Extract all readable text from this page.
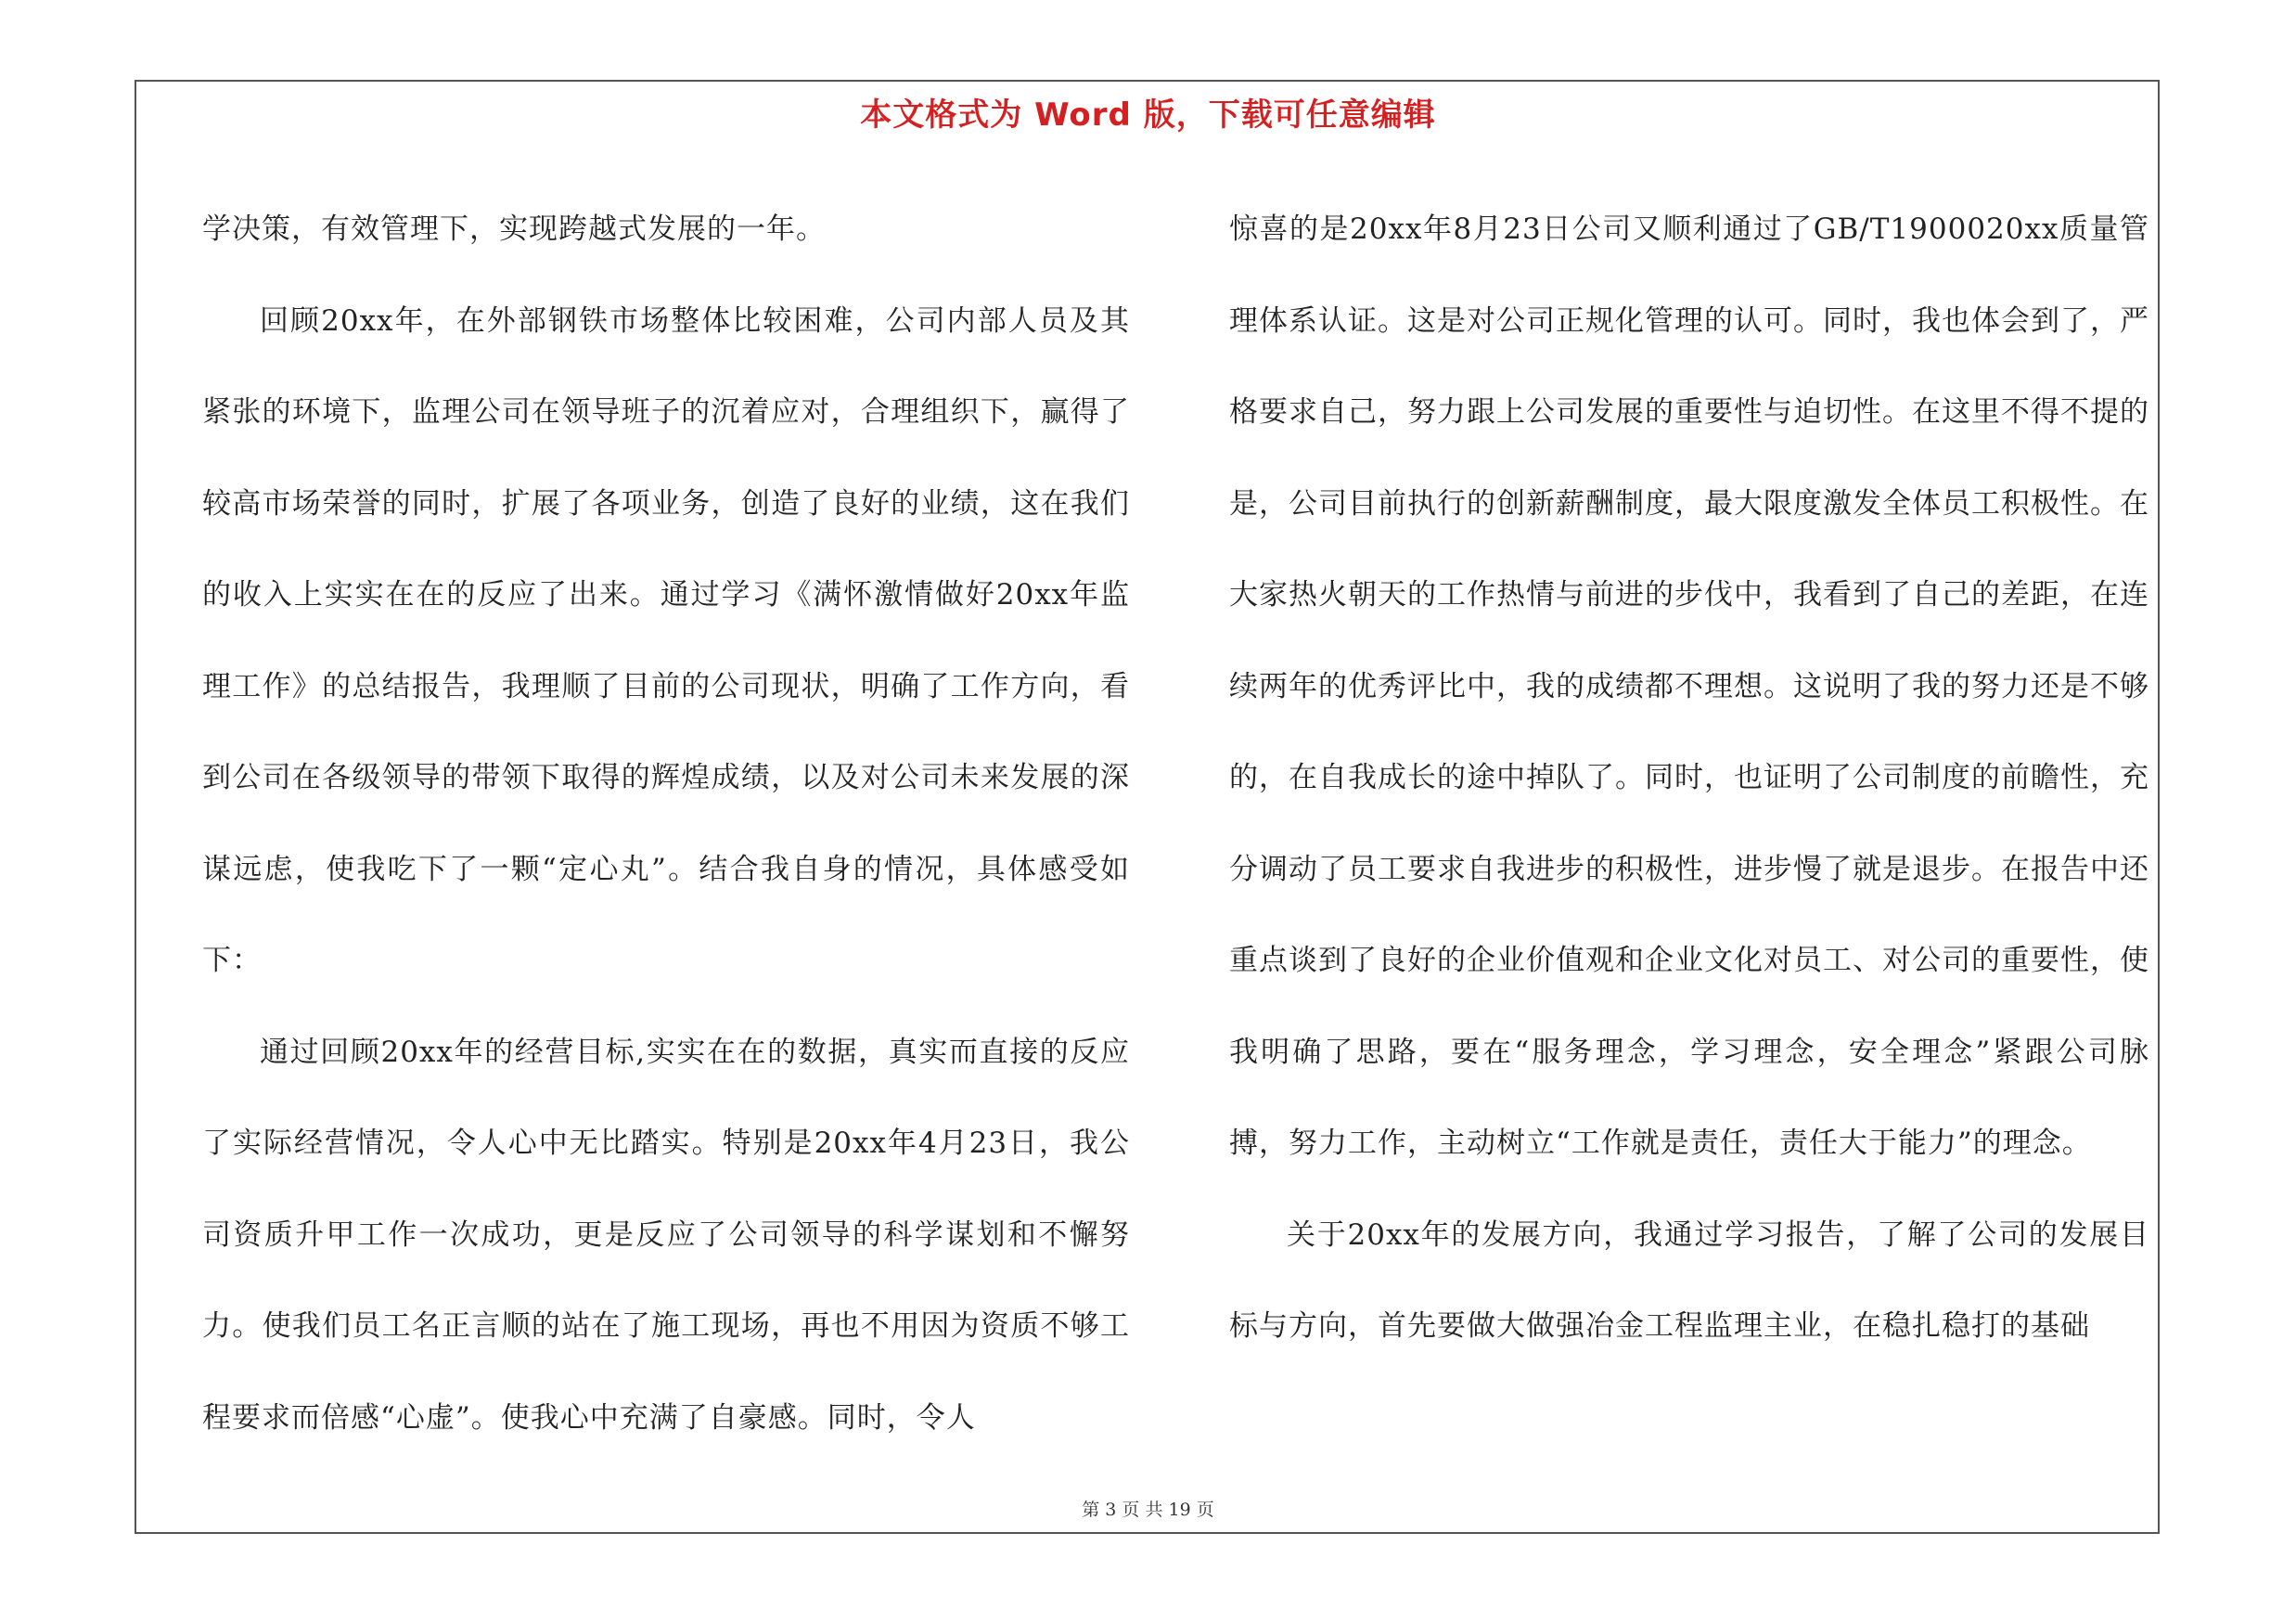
本文格式为 Word 版，下载可任意编辑

学决策，有效管理下，实现跨越式发展的一年。

回顾20xx年，在外部钢铁市场整体比较困难，公司内部人员及其紧张的环境下，监理公司在领导班子的沉着应对，合理组织下，赢得了较高市场荣誉的同时，扩展了各项业务，创造了良好的业绩，这在我们的收入上实实在在的反应了出来。通过学习《满怀激情做好20xx年监理工作》的总结报告，我理顺了目前的公司现状，明确了工作方向，看到公司在各级领导的带领下取得的辉煌成绩，以及对公司未来发展的深谋远虑，使我吃下了一颗“定心丸”。结合我自身的情况，具体感受如下：

通过回顾20xx年的经营目标,实实在在的数据，真实而直接的反应了实际经营情况，令人心中无比踏实。特别是20xx年4月23日，我公司资质升甲工作一次成功，更是反应了公司领导的科学谋划和不懈努力。使我们员工名正言顺的站在了施工现场，再也不用因为资质不够工程要求而倍感“心虚”。使我心中充满了自豪感。同时，令人

惊喜的是20xx年8月23日公司又顺利通过了GB/T1900020xx质量管理体系认证。这是对公司正规化管理的认可。同时，我也体会到了，严格要求自己，努力跟上公司发展的重要性与迫切性。在这里不得不提的是，公司目前执行的创新薪酬制度，最大限度激发全体员工积极性。在大家热火朝天的工作热情与前进的步伐中，我看到了自己的差距，在连续两年的优秀评比中，我的成绩都不理想。这说明了我的努力还是不够的，在自我成长的途中掉队了。同时，也证明了公司制度的前瞻性，充分调动了员工要求自我进步的积极性，进步慢了就是退步。在报告中还重点谈到了良好的企业价值观和企业文化对员工、对公司的重要性，使我明确了思路，要在“服务理念，学习理念，安全理念”紧跟公司脉搏，努力工作，主动树立“工作就是责任，责任大于能力”的理念。

关于20xx年的发展方向，我通过学习报告，了解了公司的发展目标与方向，首先要做大做强冶金工程监理主业，在稳扎稳打的基础

第 3 页 共 19 页
